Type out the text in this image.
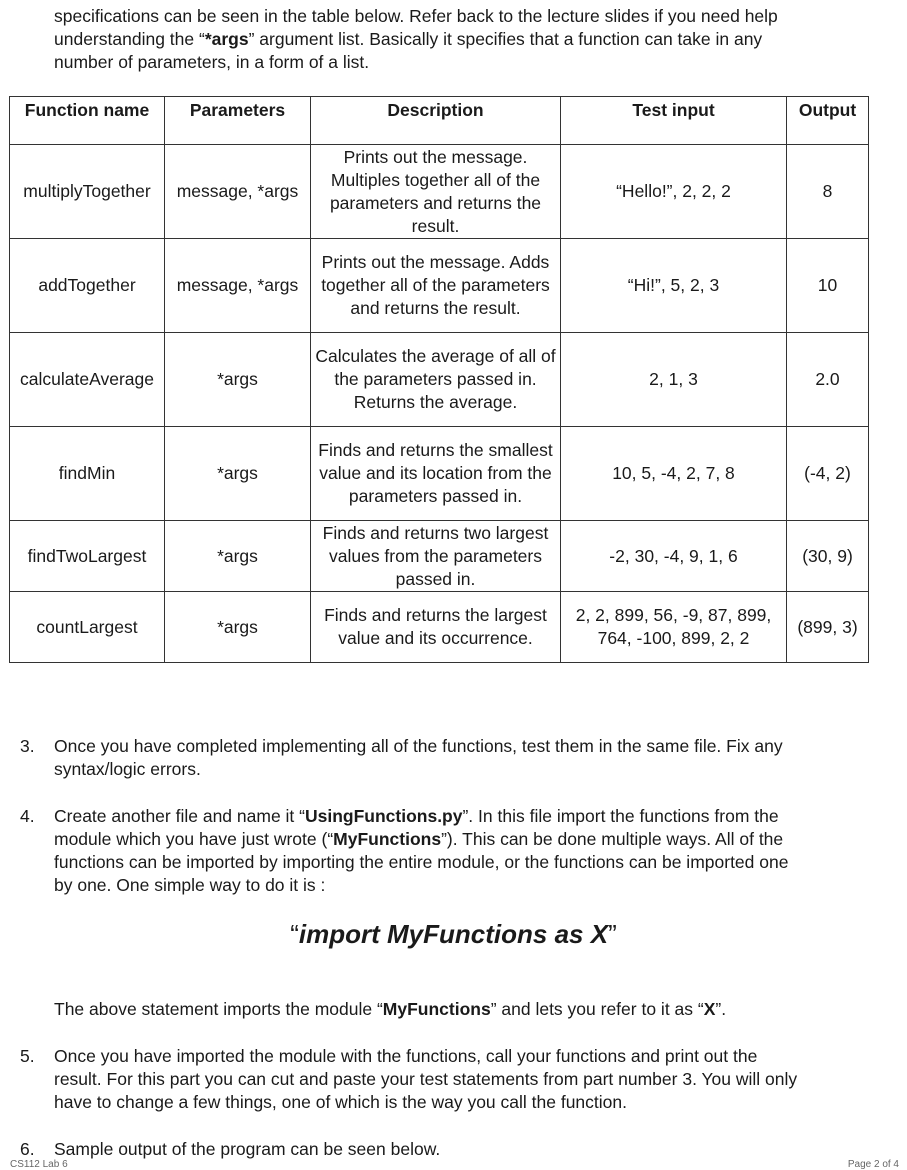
specifications can be seen in the table below. Refer back to the lecture slides if you need help
understanding the “*args” argument list. Basically it specifies that a function can take in any
number of parameters, in a form of a list.

Function name	Parameters	Description	Test input	Output
multiplyTogether	message, *args	Prints out the message. Multiples together all of the parameters and returns the result.	“Hello!”, 2, 2, 2	8
addTogether	message, *args	Prints out the message. Adds together all of the parameters and returns the result.	“Hi!”, 5, 2, 3	10
calculateAverage	*args	Calculates the average of all of the parameters passed in. Returns the average.	2, 1, 3	2.0
findMin	*args	Finds and returns the smallest value and its location from the parameters passed in.	10, 5, -4, 2, 7, 8	(-4, 2)
findTwoLargest	*args	Finds and returns two largest values from the parameters passed in.	-2, 30, -4, 9, 1, 6	(30, 9)
countLargest	*args	Finds and returns the largest value and its occurrence.	2, 2, 899, 56, -9, 87, 899, 764, -100, 899, 2, 2	(899, 3)
3. Once you have completed implementing all of the functions, test them in the same file. Fix any
syntax/logic errors.

4. Create another file and name it “UsingFunctions.py”. In this file import the functions from the
module which you have just wrote (“MyFunctions”). This can be done multiple ways. All of the
functions can be imported by importing the entire module, or the functions can be imported one
by one. One simple way to do it is :

“import MyFunctions as X”

The above statement imports the module “MyFunctions” and lets you refer to it as “X”.

5. Once you have imported the module with the functions, call your functions and print out the
result. For this part you can cut and paste your test statements from part number 3. You will only
have to change a few things, one of which is the way you call the function.

6. Sample output of the program can be seen below.

CS112 Lab 6	Page 2 of 4
